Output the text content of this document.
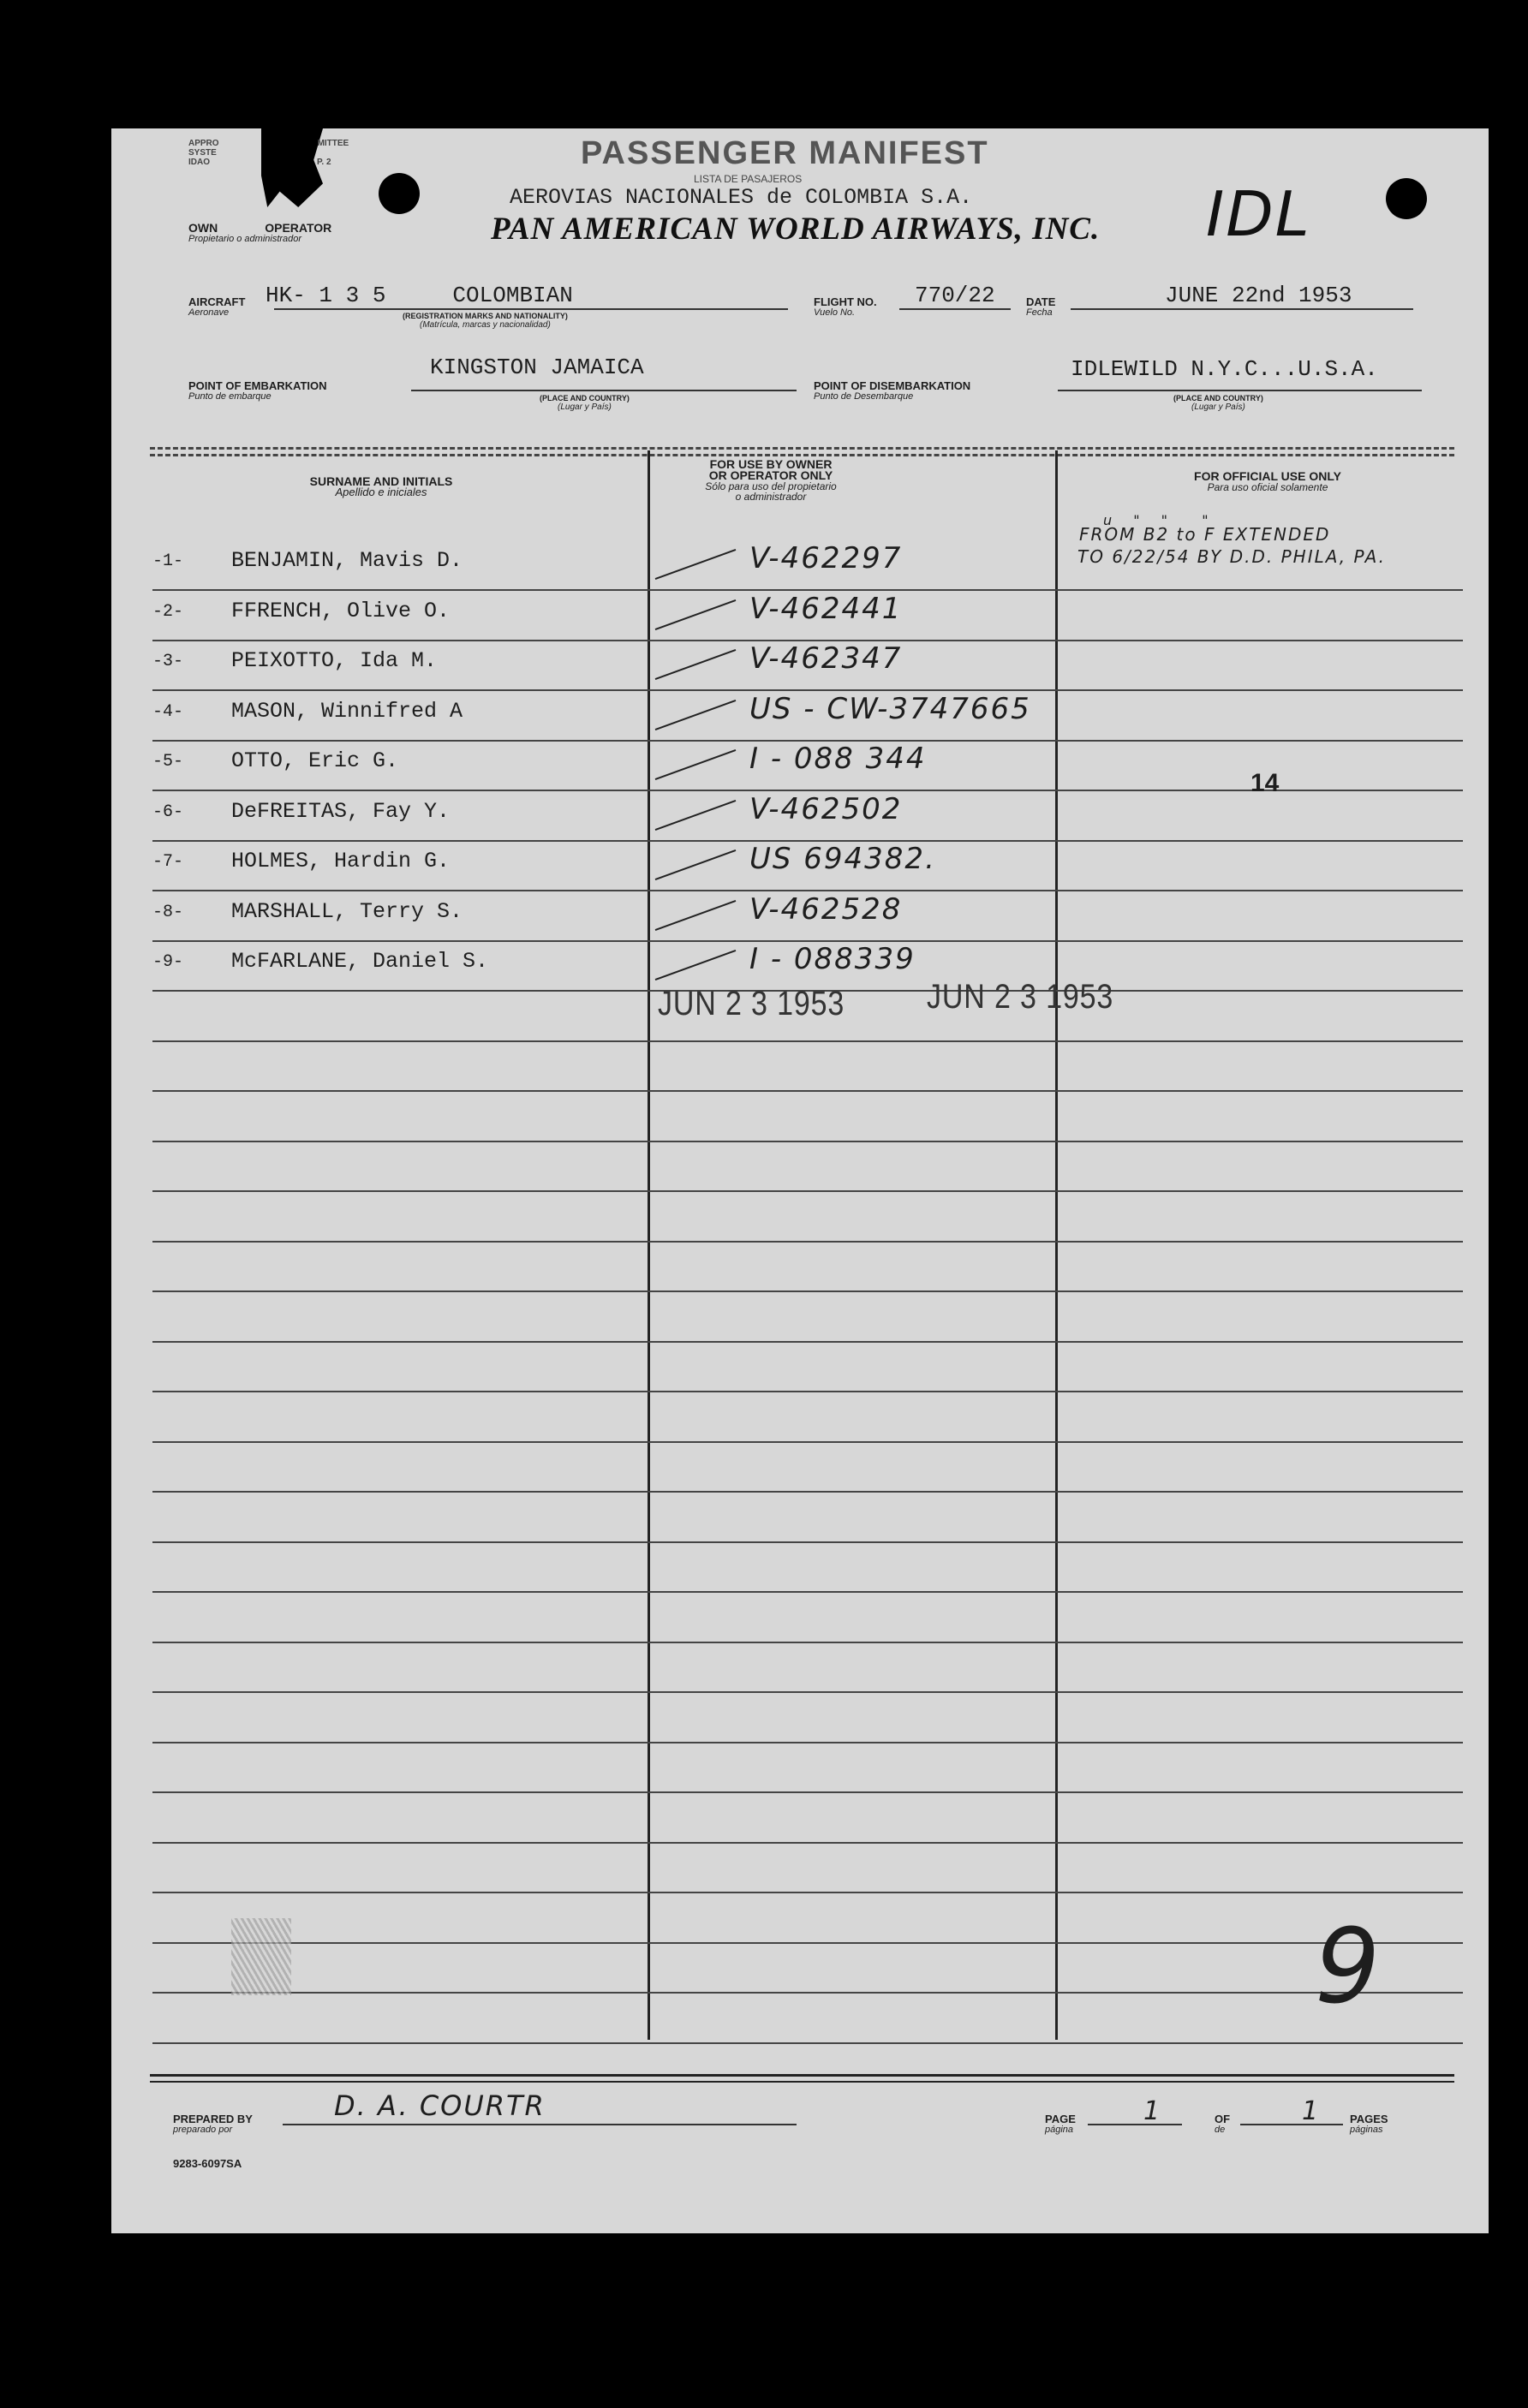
APPRO	MITTEE
SYSTE
IDAO	P. 2
OWN	OPERATOR
Propietario o administrador
PASSENGER MANIFEST
LISTA DE PASAJEROS
AEROVIAS NACIONALES de COLOMBIA S.A.
PAN AMERICAN WORLD AIRWAYS, INC. IDL
AIRCRAFT
Aeronave
HK- 1 3 5     COLOMBIAN
(REGISTRATION MARKS AND NATIONALITY)
(Matrícula, marcas y nacionalidad)
FLIGHT NO.
Vuelo No.
770/22	DATE
Fecha
JUNE 22nd 1953
POINT OF EMBARKATION
Punto de embarque
KINGSTON JAMAICA
(PLACE AND COUNTRY)
(Lugar y País)
POINT OF DISEMBARKATION
Punto de Desembarque
IDLEWILD N.Y.C...U.S.A.
(PLACE AND COUNTRY)
(Lugar y País)
SURNAME AND INITIALS
Apellido e iniciales
FOR USE BY OWNER
OR OPERATOR ONLY
Sólo para uso del propietario
o administrador
FOR OFFICIAL USE ONLY
Para uso oficial solamente
-1- BENJAMIN, Mavis D.	V-462297
-2- FFRENCH, Olive O.	V-462441
-3- PEIXOTTO, Ida M.	V-462347
-4- MASON, Winnifred A	US - CW-3747665
-5- OTTO, Eric G.	I - 088 344
-6- DeFREITAS, Fay Y.	V-462502
-7- HOLMES, Hardin G.	US 694382.
-8- MARSHALL, Terry S.	V-462528
-9- McFARLANE, Daniel S.	I - 088339
u " "  "
FROM B2 to F EXTENDED
TO 6/22/54 BY D.D. PHILA, PA.
14
JUN 2 3 1953 JUN 2 3 1953
9
PREPARED BY
preparado por
D. A. COURTR	PAGE
página
1	OF
de
1	PAGES
páginas
9283-6097SA
